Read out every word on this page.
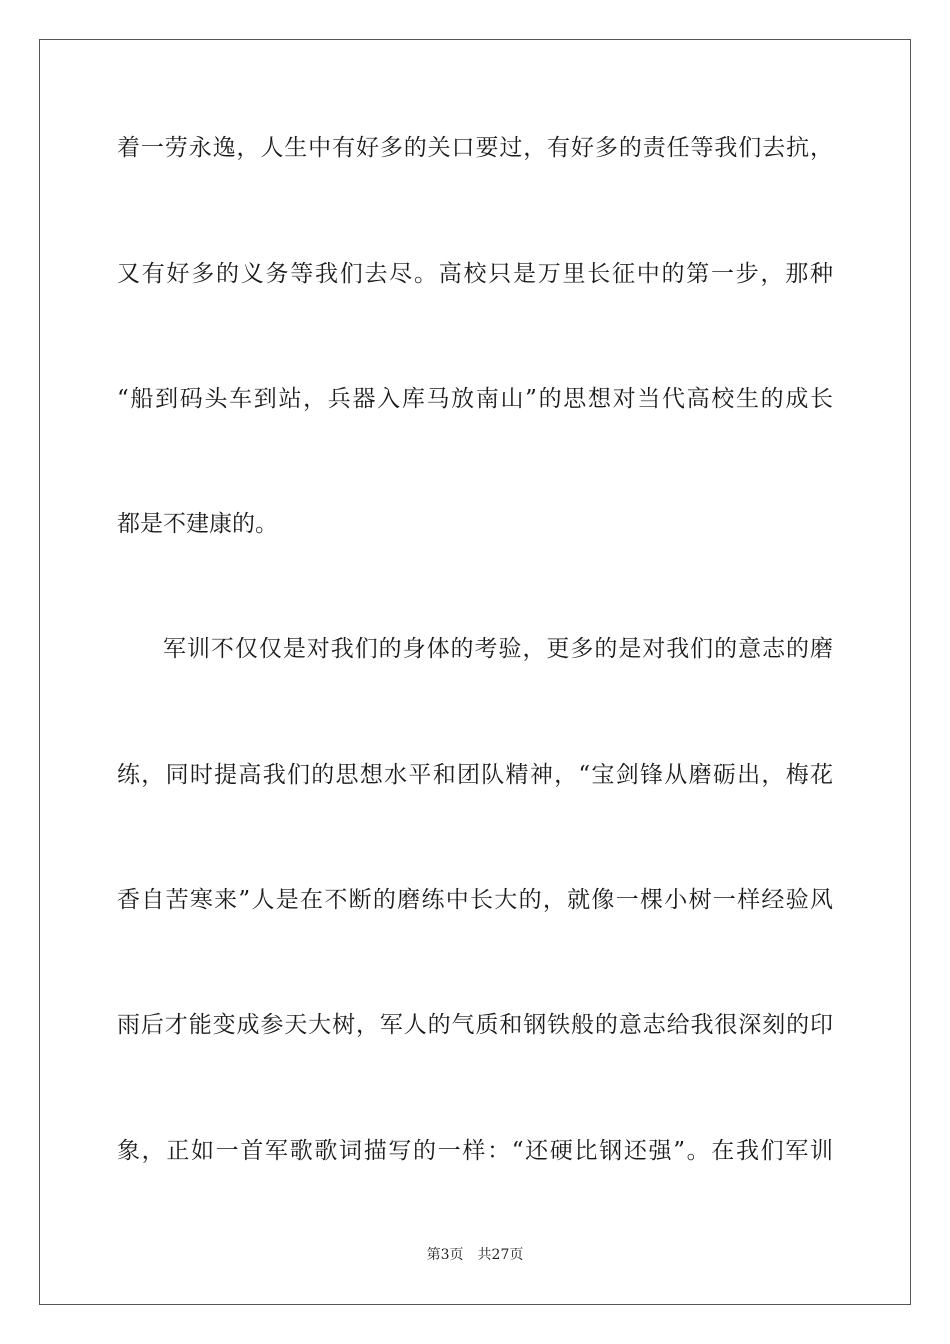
着一劳永逸，人生中有好多的关口要过，有好多的责任等我们去抗，
又有好多的义务等我们去尽。高校只是万里长征中的第一步，那种
“船到码头车到站，兵器入库马放南山”的思想对当代高校生的成长
都是不建康的。
军训不仅仅是对我们的身体的考验，更多的是对我们的意志的磨
练，同时提高我们的思想水平和团队精神，“宝剑锋从磨砺出，梅花
香自苦寒来”人是在不断的磨练中长大的，就像一棵小树一样经验风
雨后才能变成参天大树，军人的气质和钢铁般的意志给我很深刻的印
象，正如一首军歌歌词描写的一样：“还硬比钢还强”。在我们军训
第3页 共27页
